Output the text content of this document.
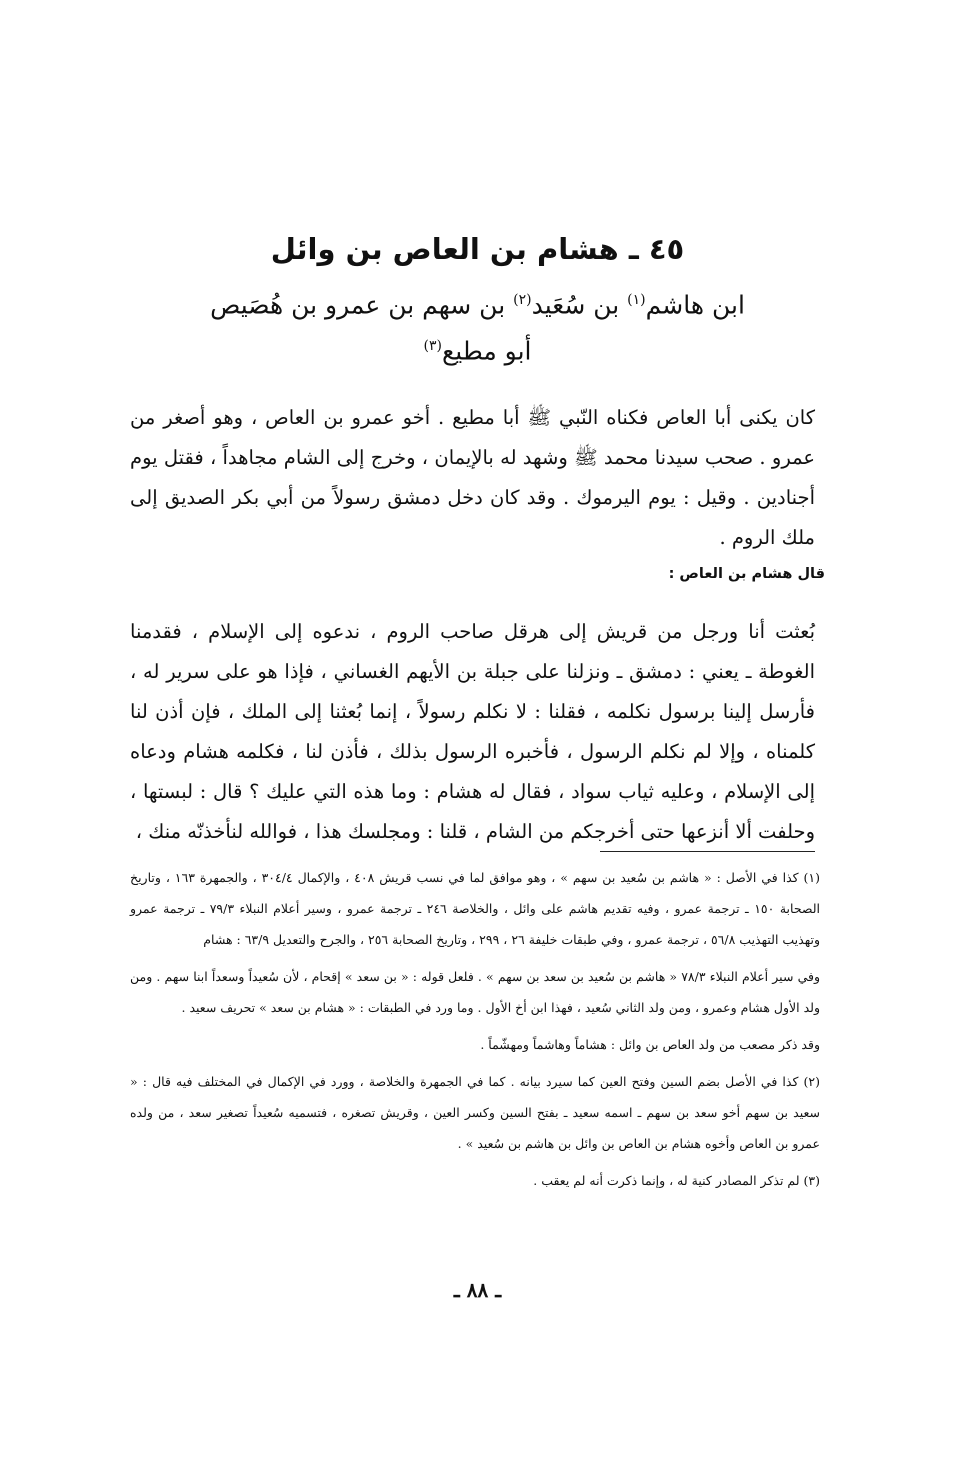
٤٥ ـ هشام بن العاص بن وائل
ابن هاشم$^{(١)}$ بن سُعَيد$^{(٢)}$ بن سهم بن عمرو بن هُصَيص
أبو مطيع$^{(٣)}$

كان يكنى أبا العاص فكناه النّبي ﷺ أبا مطيع . أخو عمرو بن العاص ، وهو أصغر من عمرو . صحب سيدنا محمد ﷺ وشهد له بالإيمان ، وخرج إلى الشام مجاهداً ، فقتل يوم أجنادين . وقيل : يوم اليرموك . وقد كان دخل دمشق رسولاً من أبي بكر الصديق إلى ملك الروم .

قال هشام بن العاص :

بُعثت أنا ورجل من قريش إلى هرقل صاحب الروم ، ندعوه إلى الإسلام ، فقدمنا الغوطة ـ يعني : دمشق ـ ونزلنا على جبلة بن الأيهم الغساني ، فإذا هو على سرير له ، فأرسل إلينا برسول نكلمه ، فقلنا : لا نكلم رسولاً ، إنما بُعثنا إلى الملك ، فإن أذن لنا كلمناه ، وإلا لم نكلم الرسول ، فأخبره الرسول بذلك ، فأذن لنا ، فكلمه هشام ودعاه إلى الإسلام ، وعليه ثياب سواد ، فقال له هشام : وما هذه التي عليك ؟ قال : لبستها ، وحلفت ألا أنزعها حتى أخرجكم من الشام ، قلنا : ومجلسك هذا ، فوالله لنأخذنّه منك ،

(١) كذا في الأصل : « هاشم بن سُعيد بن سهم » ، وهو موافق لما في نسب قريش ٤٠٨ ، والإكمال ٣٠٤/٤ ، والجمهرة ١٦٣ ، وتاريخ الصحابة ١٥٠ ـ ترجمة عمرو ، وفيه تقديم هاشم على وائل ، والخلاصة ٢٤٦ ـ ترجمة عمرو ، وسير أعلام النبلاء ٧٩/٣ ـ ترجمة عمرو وتهذيب التهذيب ٥٦/٨ ، ترجمة عمرو ، وفي طبقات خليفة ٢٦ ، ٢٩٩ ، وتاريخ الصحابة ٢٥٦ ، والجرح والتعديل ٦٣/٩ : هشام

وفي سير أعلام النبلاء ٧٨/٣ « هاشم بن سُعيد بن سعد بن سهم » . فلعل قوله : « بن سعد » إقحام ، لأن سُعيداً وسعداً ابنا سهم . ومن ولد الأول هشام وعمرو ، ومن ولد الثاني سُعيد ، فهذا ابن أخ الأول . وما ورد في الطبقات : « هشام بن سعد » تحريف سعيد .

وقد ذكر مصعب من ولد العاص بن وائل : هشاماً وهاشماً ومهشّماً .

(٢) كذا في الأصل بضم السين وفتح العين كما سيرد بيانه . كما في الجمهرة والخلاصة ، وورد في الإكمال في المختلف فيه قال : « سعيد بن سهم أخو سعد بن سهم ـ اسمه سعيد ـ بفتح السين وكسر العين ، وقريش تصغره ، فتسميه سُعيداً تصغير سعد ، من ولده عمرو بن العاص وأخوه هشام بن العاص بن وائل بن هاشم بن سُعيد » .

(٣) لم تذكر المصادر كنية له ، وإنما ذكرت أنه لم يعقب .

ـ ٨٨ ـ
